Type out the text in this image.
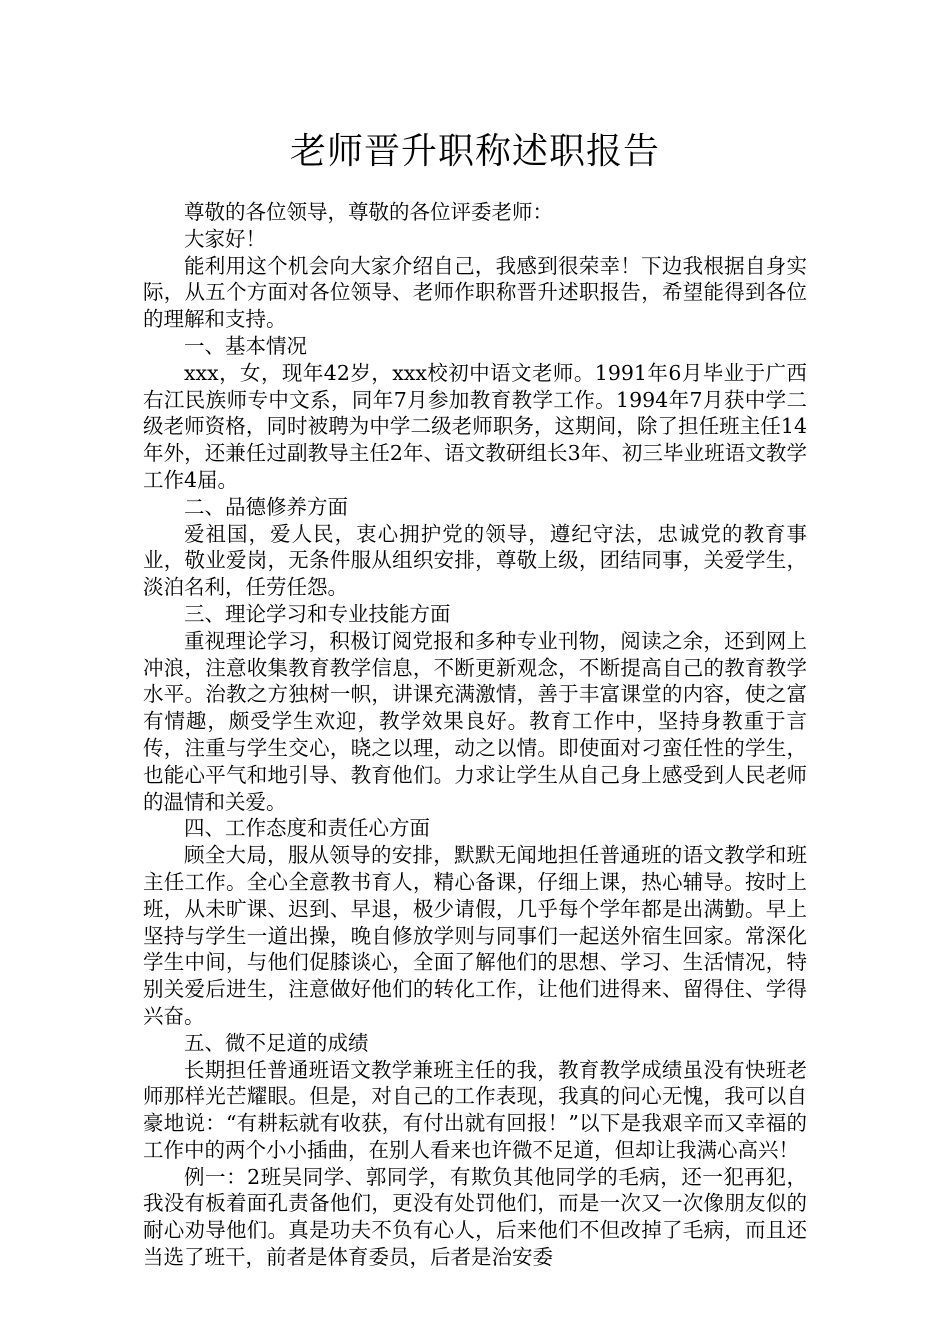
老师晋升职称述职报告

尊敬的各位领导，尊敬的各位评委老师：

大家好！

能利用这个机会向大家介绍自己，我感到很荣幸！下边我根据自身实际，从五个方面对各位领导、老师作职称晋升述职报告，希望能得到各位的理解和支持。

一、基本情况

xxx，女，现年42岁，xxx校初中语文老师。1991年6月毕业于广西右江民族师专中文系，同年7月参加教育教学工作。1994年7月获中学二级老师资格，同时被聘为中学二级老师职务，这期间，除了担任班主任14年外，还兼任过副教导主任2年、语文教研组长3年、初三毕业班语文教学工作4届。

二、品德修养方面

爱祖国，爱人民，衷心拥护党的领导，遵纪守法，忠诚党的教育事业，敬业爱岗，无条件服从组织安排，尊敬上级，团结同事，关爱学生，淡泊名利，任劳任怨。

三、理论学习和专业技能方面

重视理论学习，积极订阅党报和多种专业刊物，阅读之余，还到网上冲浪，注意收集教育教学信息，不断更新观念，不断提高自己的教育教学水平。治教之方独树一帜，讲课充满激情，善于丰富课堂的内容，使之富有情趣，颇受学生欢迎，教学效果良好。教育工作中，坚持身教重于言传，注重与学生交心，晓之以理，动之以情。即使面对刁蛮任性的学生，也能心平气和地引导、教育他们。力求让学生从自己身上感受到人民老师的温情和关爱。

四、工作态度和责任心方面

顾全大局，服从领导的安排，默默无闻地担任普通班的语文教学和班主任工作。全心全意教书育人，精心备课，仔细上课，热心辅导。按时上班，从未旷课、迟到、早退，极少请假，几乎每个学年都是出满勤。早上坚持与学生一道出操，晚自修放学则与同事们一起送外宿生回家。常深化学生中间，与他们促膝谈心，全面了解他们的思想、学习、生活情况，特别关爱后进生，注意做好他们的转化工作，让他们进得来、留得住、学得兴奋。

五、微不足道的成绩

长期担任普通班语文教学兼班主任的我，教育教学成绩虽没有快班老师那样光芒耀眼。但是，对自己的工作表现，我真的问心无愧，我可以自豪地说：“有耕耘就有收获，有付出就有回报！”以下是我艰辛而又幸福的工作中的两个小小插曲，在别人看来也许微不足道，但却让我满心高兴！

例一：2班吴同学、郭同学，有欺负其他同学的毛病，还一犯再犯，我没有板着面孔责备他们，更没有处罚他们，而是一次又一次像朋友似的耐心劝导他们。真是功夫不负有心人，后来他们不但改掉了毛病，而且还当选了班干，前者是体育委员，后者是治安委
